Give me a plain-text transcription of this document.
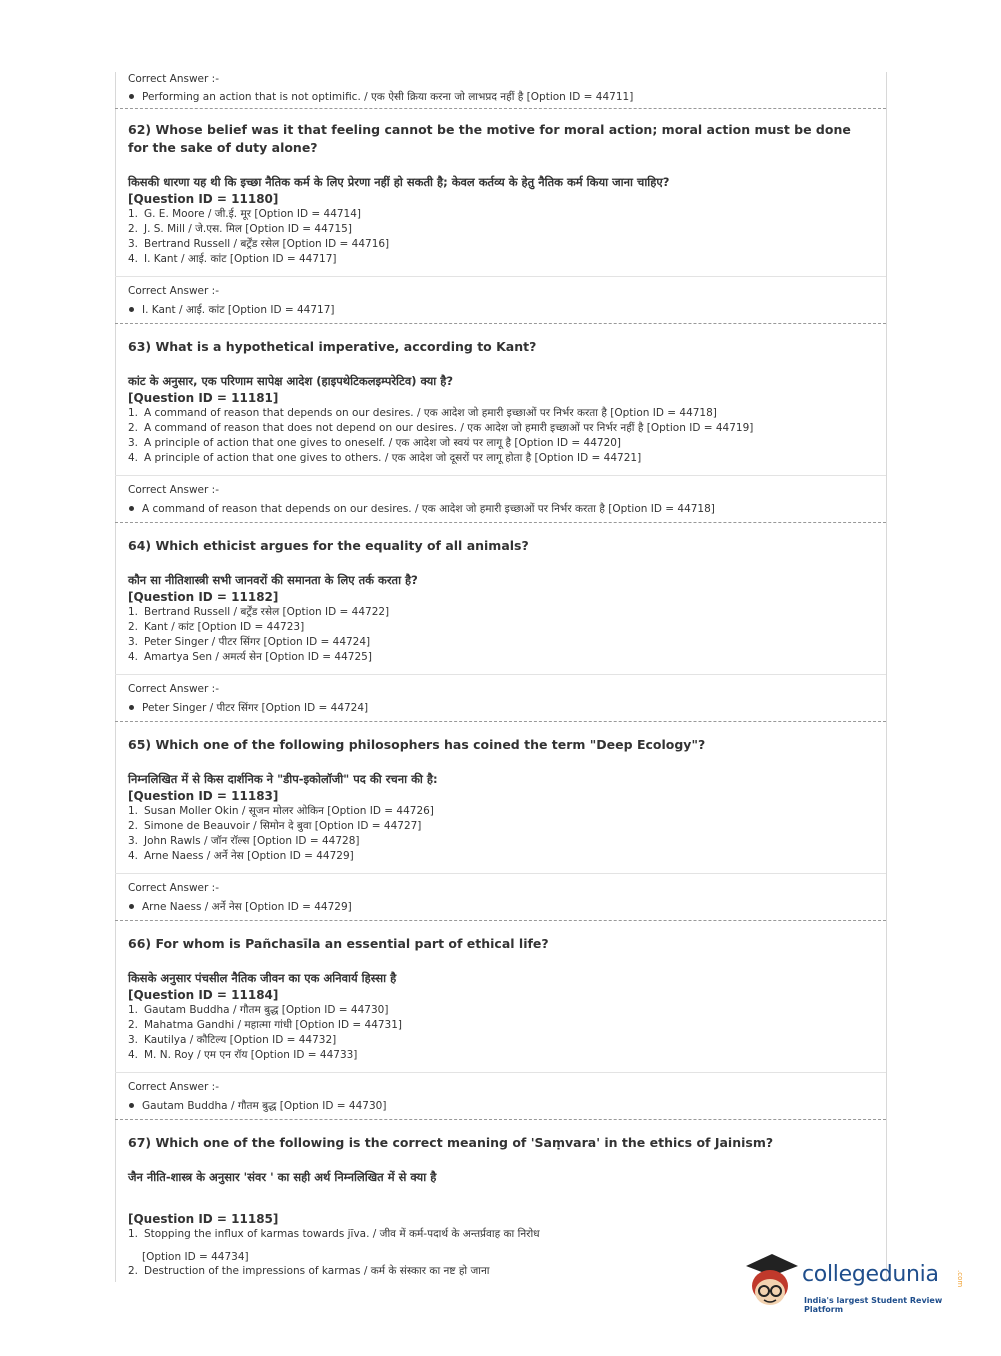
Correct Answer :-
Performing an action that is not optimific. / एक ऐसी क्रिया करना जो लाभप्रद नहीं है [Option ID = 44711]
62) Whose belief was it that feeling cannot be the motive for moral action; moral action must be done for the sake of duty alone?
किसकी धारणा यह थी कि इच्छा नैतिक कर्म के लिए प्रेरणा नहीं हो सकती है; केवल कर्तव्य के हेतु नैतिक कर्म किया जाना चाहिए?
[Question ID = 11180]
1. G. E. Moore / जी.ई. मूर [Option ID = 44714]
2. J. S. Mill / जे.एस. मिल [Option ID = 44715]
3. Bertrand Russell / बर्ट्रेंड रसेल [Option ID = 44716]
4. I. Kant / आई. कांट [Option ID = 44717]
Correct Answer :-
I. Kant / आई. कांट [Option ID = 44717]
63) What is a hypothetical imperative, according to Kant?
कांट के अनुसार, एक परिणाम सापेक्ष आदेश (हाइपथेटिकलइम्परेटिव) क्या है?
[Question ID = 11181]
1. A command of reason that depends on our desires. / एक आदेश जो हमारी इच्छाओं पर निर्भर करता है [Option ID = 44718]
2. A command of reason that does not depend on our desires. / एक आदेश जो हमारी इच्छाओं पर निर्भर नहीं है [Option ID = 44719]
3. A principle of action that one gives to oneself. / एक आदेश जो स्वयं पर लागू है [Option ID = 44720]
4. A principle of action that one gives to others. / एक आदेश जो दूसरों पर लागू होता है [Option ID = 44721]
Correct Answer :-
A command of reason that depends on our desires. / एक आदेश जो हमारी इच्छाओं पर निर्भर करता है [Option ID = 44718]
64) Which ethicist argues for the equality of all animals?
कौन सा नीतिशास्त्री सभी जानवरों की समानता के लिए तर्क करता है?
[Question ID = 11182]
1. Bertrand Russell / बर्ट्रेंड रसेल [Option ID = 44722]
2. Kant / कांट [Option ID = 44723]
3. Peter Singer / पीटर सिंगर [Option ID = 44724]
4. Amartya Sen / अमर्त्य सेन [Option ID = 44725]
Correct Answer :-
Peter Singer / पीटर सिंगर [Option ID = 44724]
65) Which one of the following philosophers has coined the term "Deep Ecology"?
निम्नलिखित में से किस दार्शनिक ने "डीप-इकोलॉजी" पद की रचना की है:
[Question ID = 11183]
1. Susan Moller Okin / सूजन मोलर ओकिन [Option ID = 44726]
2. Simone de Beauvoir / सिमोन दे बुवा [Option ID = 44727]
3. John Rawls / जॉन रॉल्स [Option ID = 44728]
4. Arne Naess / अर्ने नेस [Option ID = 44729]
Correct Answer :-
Arne Naess / अर्ने नेस [Option ID = 44729]
66) For whom is Pañchasīla an essential part of ethical life?
किसके अनुसार पंचसील नैतिक जीवन का एक अनिवार्य हिस्सा है
[Question ID = 11184]
1. Gautam Buddha / गौतम बुद्ध [Option ID = 44730]
2. Mahatma Gandhi / महात्मा गांधी [Option ID = 44731]
3. Kautilya / कौटिल्य [Option ID = 44732]
4. M. N. Roy / एम एन रॉय [Option ID = 44733]
Correct Answer :-
Gautam Buddha / गौतम बुद्ध [Option ID = 44730]
67) Which one of the following is the correct meaning of 'Saṃvara' in the ethics of Jainism?
जैन नीति-शास्त्र के अनुसार 'संवर ' का सही अर्थ निम्नलिखित में से क्या है
[Question ID = 11185]
1. Stopping the influx of karmas towards jīva. / जीव में कर्म-पदार्थ के अन्तर्प्रवाह का निरोध
[Option ID = 44734]
2. Destruction of the impressions of karmas / कर्म के संस्कार का नष्ट हो जाना	collegedunia .com
India's largest Student Review Platform
